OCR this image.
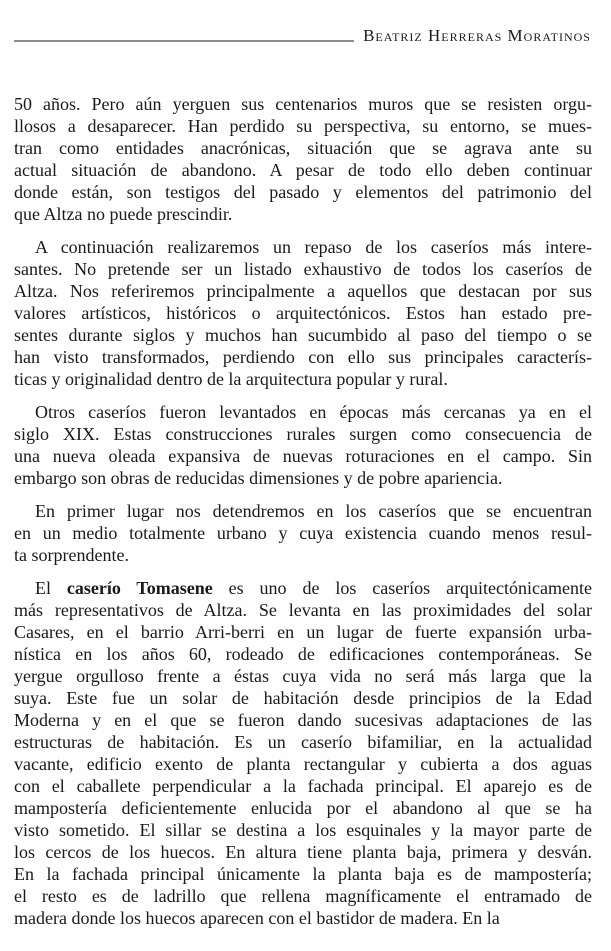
Beatriz Herreras Moratinos
50 años. Pero aún yerguen sus centenarios muros que se resisten orgu-
llosos a desaparecer. Han perdido su perspectiva, su entorno, se mues-
tran como entidades anacrónicas, situación que se agrava ante su
actual situación de abandono. A pesar de todo ello deben continuar
donde están, son testigos del pasado y elementos del patrimonio del
que Altza no puede prescindir.
A continuación realizaremos un repaso de los caseríos más intere-
santes. No pretende ser un listado exhaustivo de todos los caseríos de
Altza. Nos referiremos principalmente a aquellos que destacan por sus
valores artísticos, históricos o arquitectónicos. Estos han estado pre-
sentes durante siglos y muchos han sucumbido al paso del tiempo o se
han visto transformados, perdiendo con ello sus principales caracterís-
ticas y originalidad dentro de la arquitectura popular y rural.
Otros caseríos fueron levantados en épocas más cercanas ya en el
siglo XIX. Estas construcciones rurales surgen como consecuencia de
una nueva oleada expansiva de nuevas roturaciones en el campo. Sin
embargo son obras de reducidas dimensiones y de pobre apariencia.
En primer lugar nos detendremos en los caseríos que se encuentran
en un medio totalmente urbano y cuya existencia cuando menos resul-
ta sorprendente.
El caserío Tomasene es uno de los caseríos arquitectónicamente
más representativos de Altza. Se levanta en las proximidades del solar
Casares, en el barrio Arri-berri en un lugar de fuerte expansión urba-
nística en los años 60, rodeado de edificaciones contemporáneas. Se
yergue orgulloso frente a éstas cuya vida no será más larga que la
suya. Este fue un solar de habitación desde principios de la Edad
Moderna y en el que se fueron dando sucesivas adaptaciones de las
estructuras de habitación. Es un caserío bifamiliar, en la actualidad
vacante, edificio exento de planta rectangular y cubierta a dos aguas
con el caballete perpendicular a la fachada principal. El aparejo es de
mampostería deficientemente enlucida por el abandono al que se ha
visto sometido. El sillar se destina a los esquinales y la mayor parte de
los cercos de los huecos. En altura tiene planta baja, primera y desván.
En la fachada principal únicamente la planta baja es de mampostería;
el resto es de ladrillo que rellena magníficamente el entramado de
madera donde los huecos aparecen con el bastidor de madera. En la
